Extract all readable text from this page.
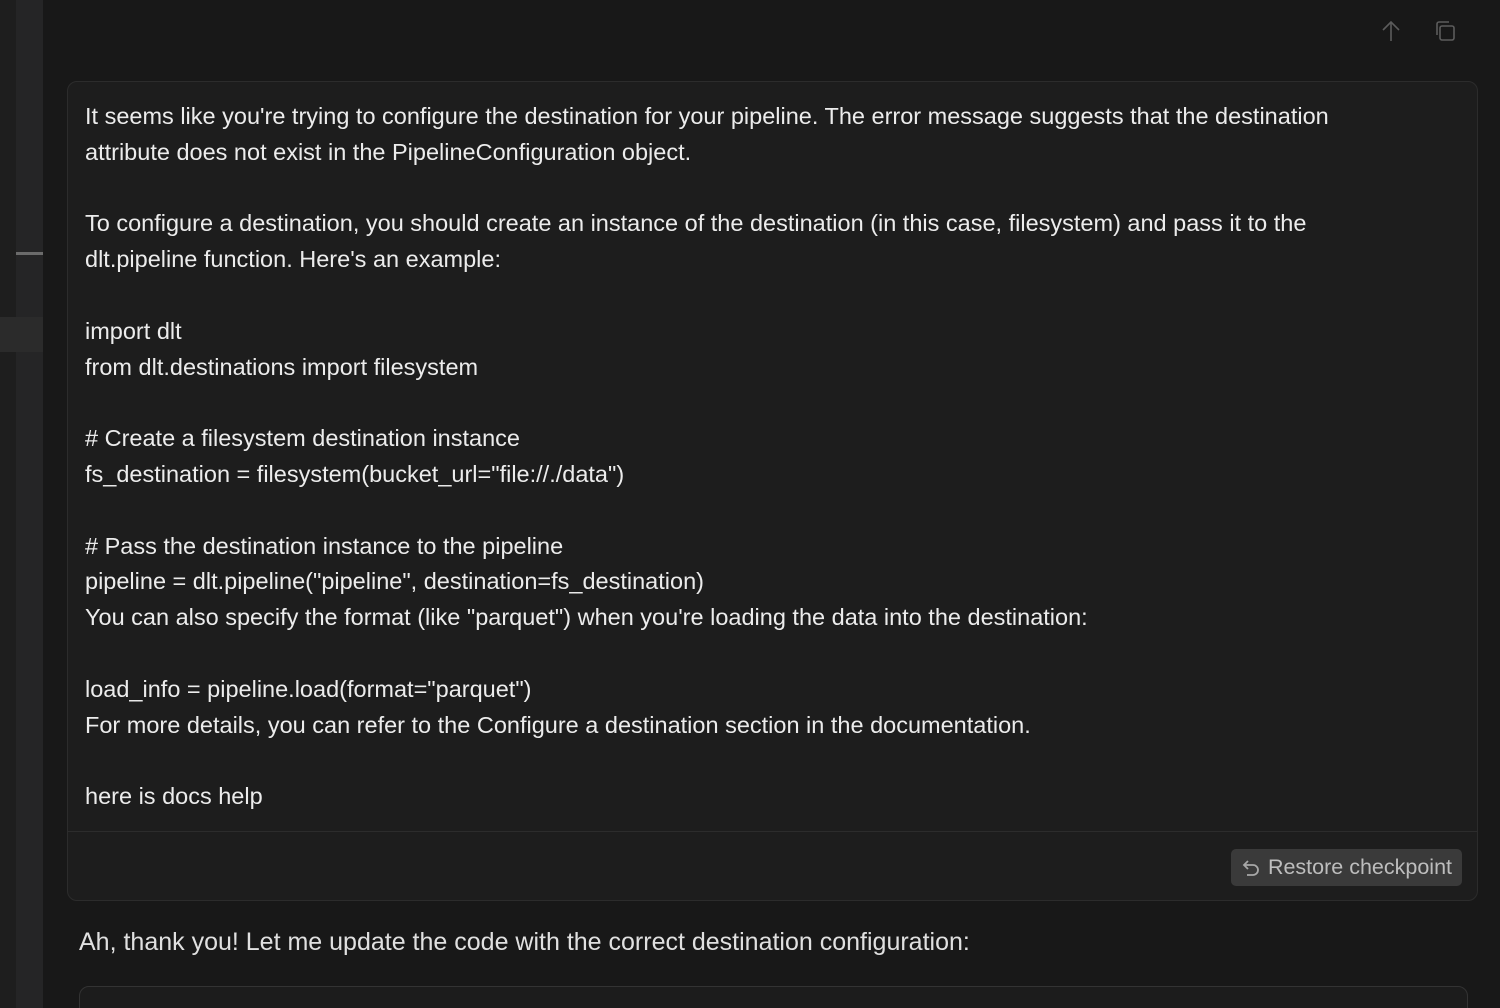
It seems like you're trying to configure the destination for your pipeline. The error message suggests that the destination
attribute does not exist in the PipelineConfiguration object.
To configure a destination, you should create an instance of the destination (in this case, filesystem) and pass it to the
dlt.pipeline function. Here's an example:
import dlt
from dlt.destinations import filesystem
# Create a filesystem destination instance
fs_destination = filesystem(bucket_url="file://./data")
# Pass the destination instance to the pipeline
pipeline = dlt.pipeline("pipeline", destination=fs_destination)
You can also specify the format (like "parquet") when you're loading the data into the destination:
load_info = pipeline.load(format="parquet")
For more details, you can refer to the Configure a destination section in the documentation.
here is docs help
Restore checkpoint
Ah, thank you! Let me update the code with the correct destination configuration:
